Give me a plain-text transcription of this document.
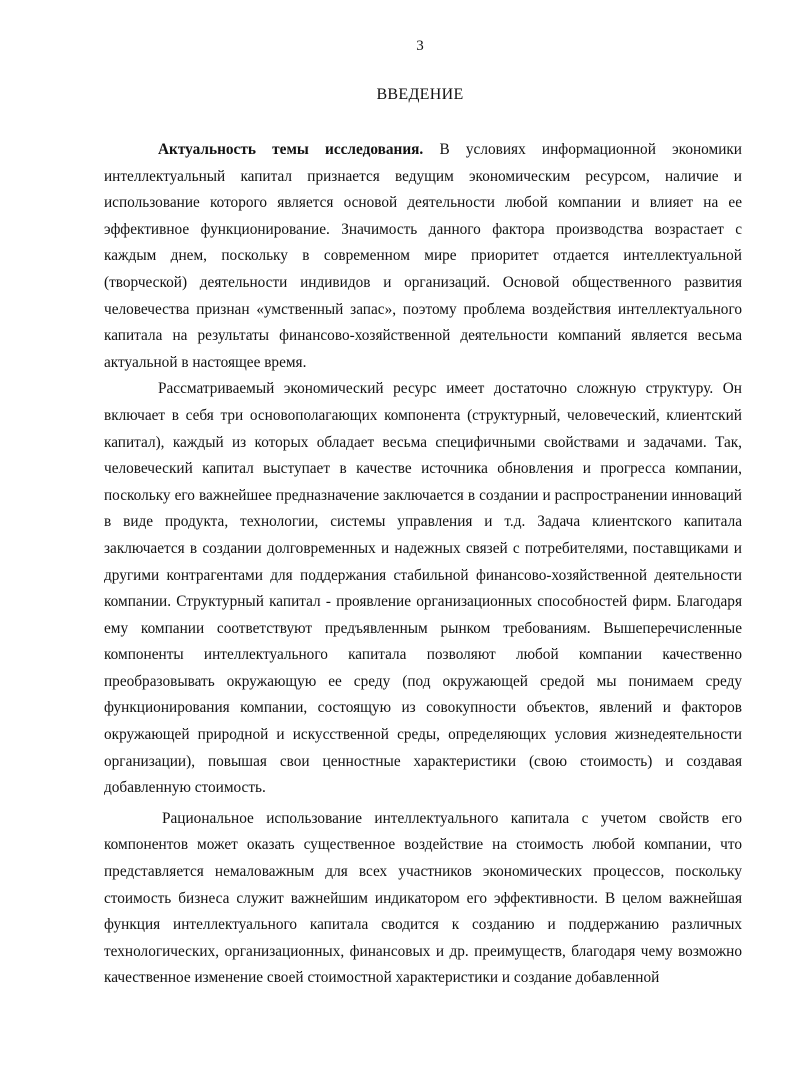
3
ВВЕДЕНИЕ

Актуальность темы исследования. В условиях информационной экономики интеллектуальный капитал признается ведущим экономическим ресурсом, наличие и использование которого является основой деятельности любой компании и влияет на ее эффективное функционирование. Значимость данного фактора производства возрастает с каждым днем, поскольку в современном мире приоритет отдается интеллектуальной (творческой) деятельности индивидов и организаций. Основой общественного развития человечества признан «умственный запас», поэтому проблема воздействия интеллектуального капитала на результаты финансово-хозяйственной деятельности компаний является весьма актуальной в настоящее время.

Рассматриваемый экономический ресурс имеет достаточно сложную структуру. Он включает в себя три основополагающих компонента (структурный, человеческий, клиентский капитал), каждый из которых обладает весьма специфичными свойствами и задачами. Так, человеческий капитал выступает в качестве источника обновления и прогресса компании, поскольку его важнейшее предназначение заключается в создании и распространении инноваций в виде продукта, технологии, системы управления и т.д. Задача клиентского капитала заключается в создании долговременных и надежных связей с потребителями, поставщиками и другими контрагентами для поддержания стабильной финансово-хозяйственной деятельности компании. Структурный капитал - проявление организационных способностей фирм. Благодаря ему компании соответствуют предъявленным рынком требованиям. Вышеперечисленные компоненты интеллектуального капитала позволяют любой компании качественно преобразовывать окружающую ее среду (под окружающей средой мы понимаем среду функционирования компании, состоящую из совокупности объектов, явлений и факторов окружающей природной и искусственной среды, определяющих условия жизнедеятельности организации), повышая свои ценностные характеристики (свою стоимость) и создавая добавленную стоимость.

Рациональное использование интеллектуального капитала с учетом свойств его компонентов может оказать существенное воздействие на стоимость любой компании, что представляется немаловажным для всех участников экономических процессов, поскольку стоимость бизнеса служит важнейшим индикатором его эффективности. В целом важнейшая функция интеллектуального капитала сводится к созданию и поддержанию различных технологических, организационных, финансовых и др. преимуществ, благодаря чему возможно качественное изменение своей стоимостной характеристики и создание добавленной
